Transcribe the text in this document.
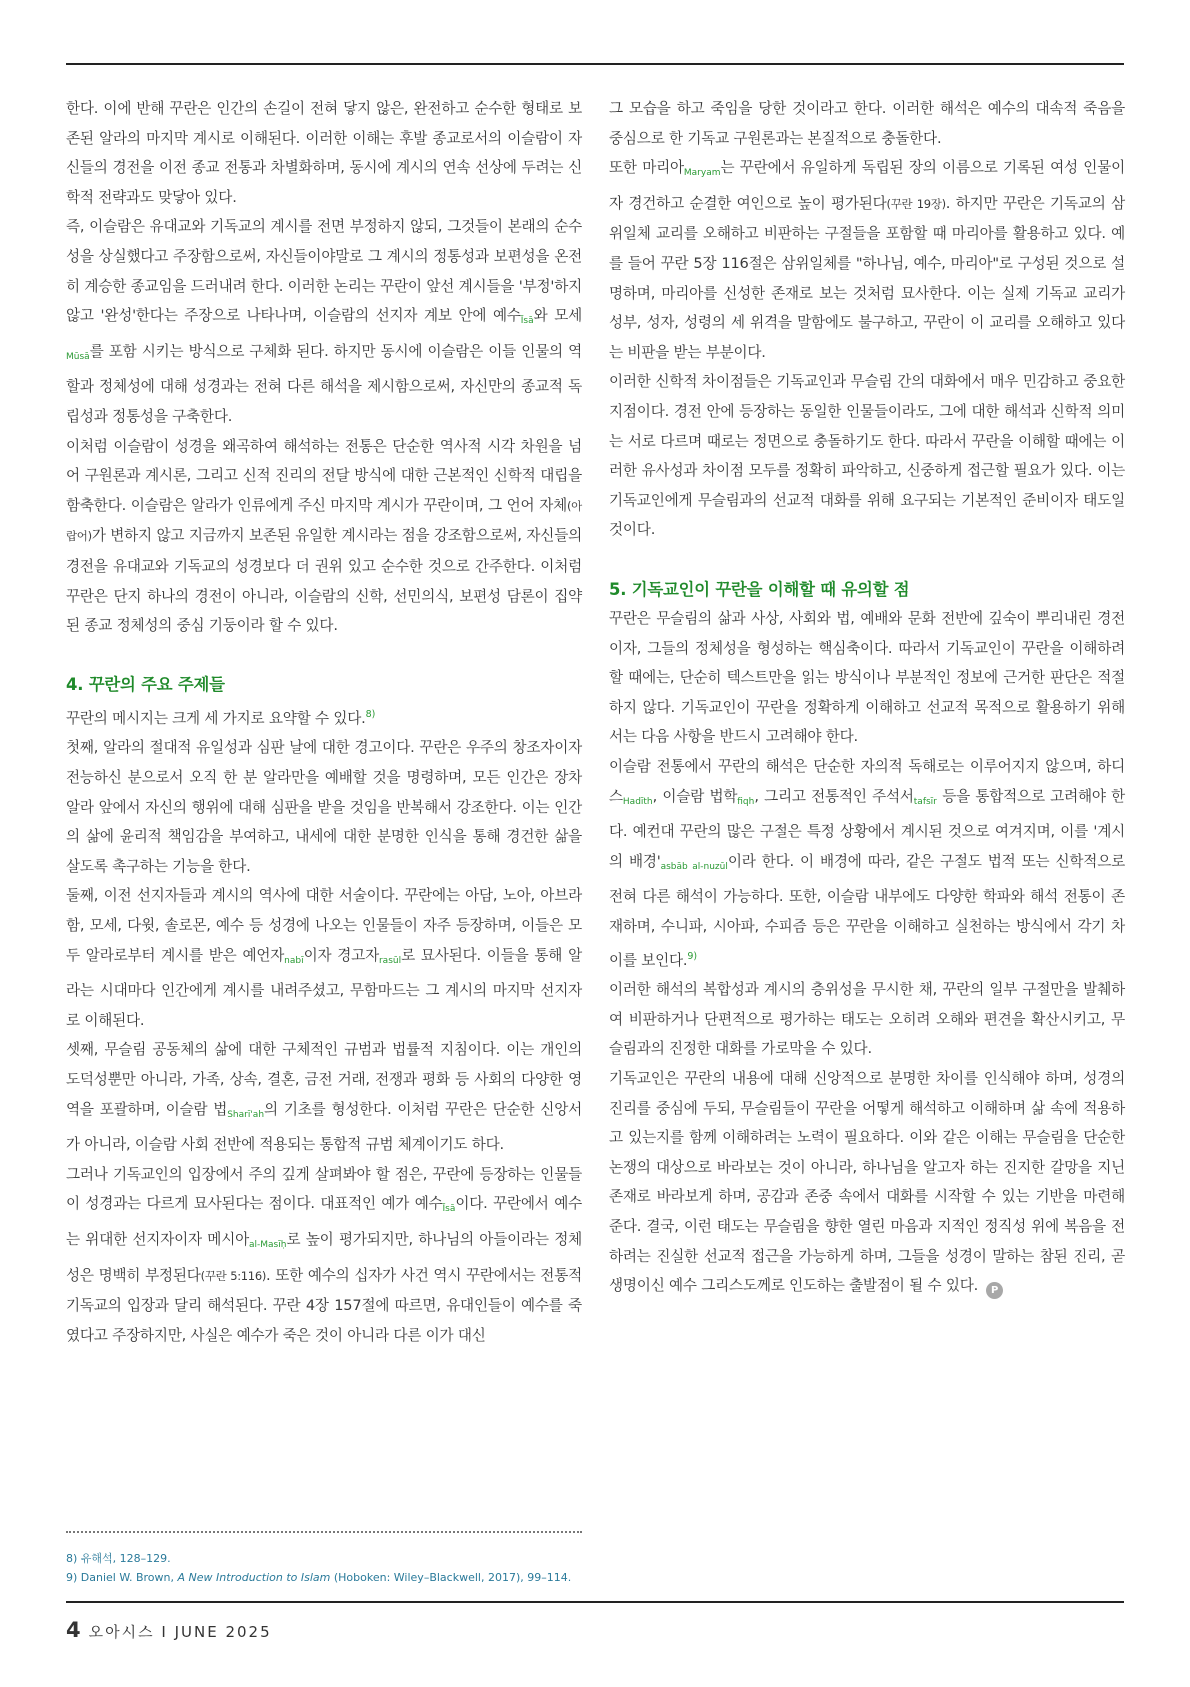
한다. 이에 반해 꾸란은 인간의 손길이 전혀 닿지 않은, 완전하고 순수한 형태로 보존된 알라의 마지막 계시로 이해된다. 이러한 이해는 후발 종교로서의 이슬람이 자신들의 경전을 이전 종교 전통과 차별화하며, 동시에 계시의 연속 선상에 두려는 신학적 전략과도 맞닿아 있다.

즉, 이슬람은 유대교와 기독교의 계시를 전면 부정하지 않되, 그것들이 본래의 순수성을 상실했다고 주장함으로써, 자신들이야말로 그 계시의 정통성과 보편성을 온전히 계승한 종교임을 드러내려 한다. 이러한 논리는 꾸란이 앞선 계시들을 '부정'하지 않고 '완성'한다는 주장으로 나타나며, 이슬람의 선지자 계보 안에 예수$_{Īsā}$와 모세$_{Mūsā}$를 포함 시키는 방식으로 구체화 된다. 하지만 동시에 이슬람은 이들 인물의 역할과 정체성에 대해 성경과는 전혀 다른 해석을 제시함으로써, 자신만의 종교적 독립성과 정통성을 구축한다.

이처럼 이슬람이 성경을 왜곡하여 해석하는 전통은 단순한 역사적 시각 차원을 넘어 구원론과 계시론, 그리고 신적 진리의 전달 방식에 대한 근본적인 신학적 대립을 함축한다. 이슬람은 알라가 인류에게 주신 마지막 계시가 꾸란이며, 그 언어 자체(아랍어)가 변하지 않고 지금까지 보존된 유일한 계시라는 점을 강조함으로써, 자신들의 경전을 유대교와 기독교의 성경보다 더 권위 있고 순수한 것으로 간주한다. 이처럼 꾸란은 단지 하나의 경전이 아니라, 이슬람의 신학, 선민의식, 보편성 담론이 집약된 종교 정체성의 중심 기둥이라 할 수 있다.

4. 꾸란의 주요 주제들

꾸란의 메시지는 크게 세 가지로 요약할 수 있다.$^{8)}$

첫째, 알라의 절대적 유일성과 심판 날에 대한 경고이다. 꾸란은 우주의 창조자이자 전능하신 분으로서 오직 한 분 알라만을 예배할 것을 명령하며, 모든 인간은 장차 알라 앞에서 자신의 행위에 대해 심판을 받을 것임을 반복해서 강조한다. 이는 인간의 삶에 윤리적 책임감을 부여하고, 내세에 대한 분명한 인식을 통해 경건한 삶을 살도록 촉구하는 기능을 한다.

둘째, 이전 선지자들과 계시의 역사에 대한 서술이다. 꾸란에는 아담, 노아, 아브라함, 모세, 다윗, 솔로몬, 예수 등 성경에 나오는 인물들이 자주 등장하며, 이들은 모두 알라로부터 계시를 받은 예언자$_{nabī}$이자 경고자$_{rasūl}$로 묘사된다. 이들을 통해 알라는 시대마다 인간에게 계시를 내려주셨고, 무함마드는 그 계시의 마지막 선지자로 이해된다.

셋째, 무슬림 공동체의 삶에 대한 구체적인 규범과 법률적 지침이다. 이는 개인의 도덕성뿐만 아니라, 가족, 상속, 결혼, 금전 거래, 전쟁과 평화 등 사회의 다양한 영역을 포괄하며, 이슬람 법$_{Sharī'ah}$의 기초를 형성한다. 이처럼 꾸란은 단순한 신앙서가 아니라, 이슬람 사회 전반에 적용되는 통합적 규범 체계이기도 하다.

그러나 기독교인의 입장에서 주의 깊게 살펴봐야 할 점은, 꾸란에 등장하는 인물들이 성경과는 다르게 묘사된다는 점이다. 대표적인 예가 예수$_{Īsā}$이다. 꾸란에서 예수는 위대한 선지자이자 메시아$_{al-Masīḥ}$로 높이 평가되지만, 하나님의 아들이라는 정체성은 명백히 부정된다(꾸란 5:116). 또한 예수의 십자가 사건 역시 꾸란에서는 전통적 기독교의 입장과 달리 해석된다. 꾸란 4장 157절에 따르면, 유대인들이 예수를 죽였다고 주장하지만, 사실은 예수가 죽은 것이 아니라 다른 이가 대신

그 모습을 하고 죽임을 당한 것이라고 한다. 이러한 해석은 예수의 대속적 죽음을 중심으로 한 기독교 구원론과는 본질적으로 충돌한다.

또한 마리아$_{Maryam}$는 꾸란에서 유일하게 독립된 장의 이름으로 기록된 여성 인물이자 경건하고 순결한 여인으로 높이 평가된다(꾸란 19장). 하지만 꾸란은 기독교의 삼위일체 교리를 오해하고 비판하는 구절들을 포함할 때 마리아를 활용하고 있다. 예를 들어 꾸란 5장 116절은 삼위일체를 "하나님, 예수, 마리아"로 구성된 것으로 설명하며, 마리아를 신성한 존재로 보는 것처럼 묘사한다. 이는 실제 기독교 교리가 성부, 성자, 성령의 세 위격을 말함에도 불구하고, 꾸란이 이 교리를 오해하고 있다는 비판을 받는 부분이다.

이러한 신학적 차이점들은 기독교인과 무슬림 간의 대화에서 매우 민감하고 중요한 지점이다. 경전 안에 등장하는 동일한 인물들이라도, 그에 대한 해석과 신학적 의미는 서로 다르며 때로는 정면으로 충돌하기도 한다. 따라서 꾸란을 이해할 때에는 이러한 유사성과 차이점 모두를 정확히 파악하고, 신중하게 접근할 필요가 있다. 이는 기독교인에게 무슬림과의 선교적 대화를 위해 요구되는 기본적인 준비이자 태도일 것이다.

5. 기독교인이 꾸란을 이해할 때 유의할 점

꾸란은 무슬림의 삶과 사상, 사회와 법, 예배와 문화 전반에 깊숙이 뿌리내린 경전이자, 그들의 정체성을 형성하는 핵심축이다. 따라서 기독교인이 꾸란을 이해하려 할 때에는, 단순히 텍스트만을 읽는 방식이나 부분적인 정보에 근거한 판단은 적절하지 않다. 기독교인이 꾸란을 정확하게 이해하고 선교적 목적으로 활용하기 위해서는 다음 사항을 반드시 고려해야 한다.

이슬람 전통에서 꾸란의 해석은 단순한 자의적 독해로는 이루어지지 않으며, 하디스$_{Hadīth}$, 이슬람 법학$_{fiqh}$, 그리고 전통적인 주석서$_{tafsīr}$ 등을 통합적으로 고려해야 한다. 예컨대 꾸란의 많은 구절은 특정 상황에서 계시된 것으로 여겨지며, 이를 '계시의 배경'$_{asbāb al-nuzūl}$이라 한다. 이 배경에 따라, 같은 구절도 법적 또는 신학적으로 전혀 다른 해석이 가능하다. 또한, 이슬람 내부에도 다양한 학파와 해석 전통이 존재하며, 수니파, 시아파, 수피즘 등은 꾸란을 이해하고 실천하는 방식에서 각기 차이를 보인다.$^{9)}$

이러한 해석의 복합성과 계시의 층위성을 무시한 채, 꾸란의 일부 구절만을 발췌하여 비판하거나 단편적으로 평가하는 태도는 오히려 오해와 편견을 확산시키고, 무슬림과의 진정한 대화를 가로막을 수 있다.

기독교인은 꾸란의 내용에 대해 신앙적으로 분명한 차이를 인식해야 하며, 성경의 진리를 중심에 두되, 무슬림들이 꾸란을 어떻게 해석하고 이해하며 삶 속에 적용하고 있는지를 함께 이해하려는 노력이 필요하다. 이와 같은 이해는 무슬림을 단순한 논쟁의 대상으로 바라보는 것이 아니라, 하나님을 알고자 하는 진지한 갈망을 지닌 존재로 바라보게 하며, 공감과 존중 속에서 대화를 시작할 수 있는 기반을 마련해 준다. 결국, 이런 태도는 무슬림을 향한 열린 마음과 지적인 정직성 위에 복음을 전하려는 진실한 선교적 접근을 가능하게 하며, 그들을 성경이 말하는 참된 진리, 곧 생명이신 예수 그리스도께로 인도하는 출발점이 될 수 있다. P

8) 유해석, 128–129.

9) Daniel W. Brown, A New Introduction to Islam (Hoboken: Wiley–Blackwell, 2017), 99–114.

4 오아시스 I JUNE 2025
